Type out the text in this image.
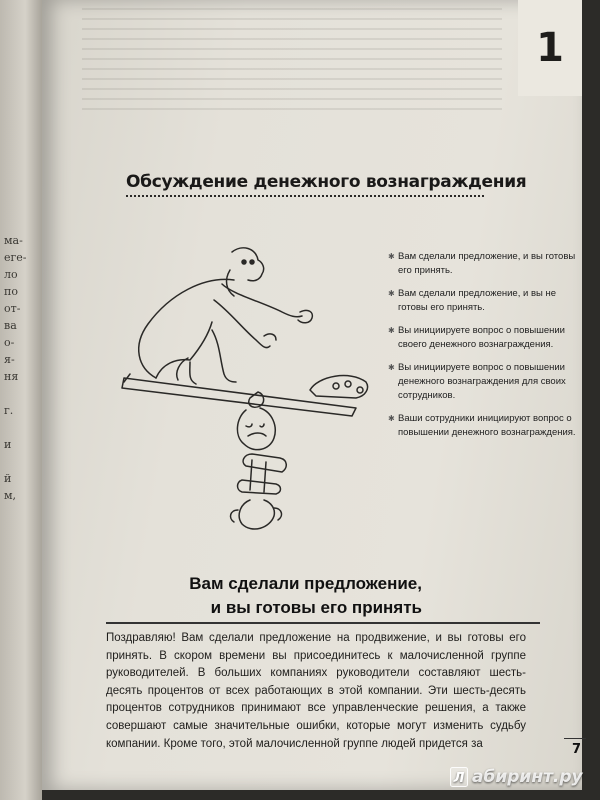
ма-
еге-
ло
по
от-
ва
о-
я-
ня
г.
и
й
м,
1
Обсуждение денежного вознаграждения
✱ Вам сделали предложение, и вы готовы его принять.
✱ Вам сделали предложение, и вы не готовы его принять.
✱ Вы инициируете вопрос о повышении своего денежного вознаграждения.
✱ Вы инициируете вопрос о повышении денежного вознаграждения для своих сотрудников.
✱ Ваши сотрудники инициируют вопрос о повышении денежного вознаграждения.
Вам сделали предложение,
и вы готовы его принять

Поздравляю! Вам сделали предложение на продвижение, и вы готовы его принять. В скором времени вы присоединитесь к малочисленной группе руководителей. В больших компаниях руководители составляют шесть-десять процентов от всех работающих в этой компании. Эти шесть-десять процентов сотрудников принимают все управленческие решения, а также совершают самые значительные ошибки, которые могут изменить судьбу компании. Кроме того, этой малочисленной группе людей придется за	7
Л абиринт.ру
